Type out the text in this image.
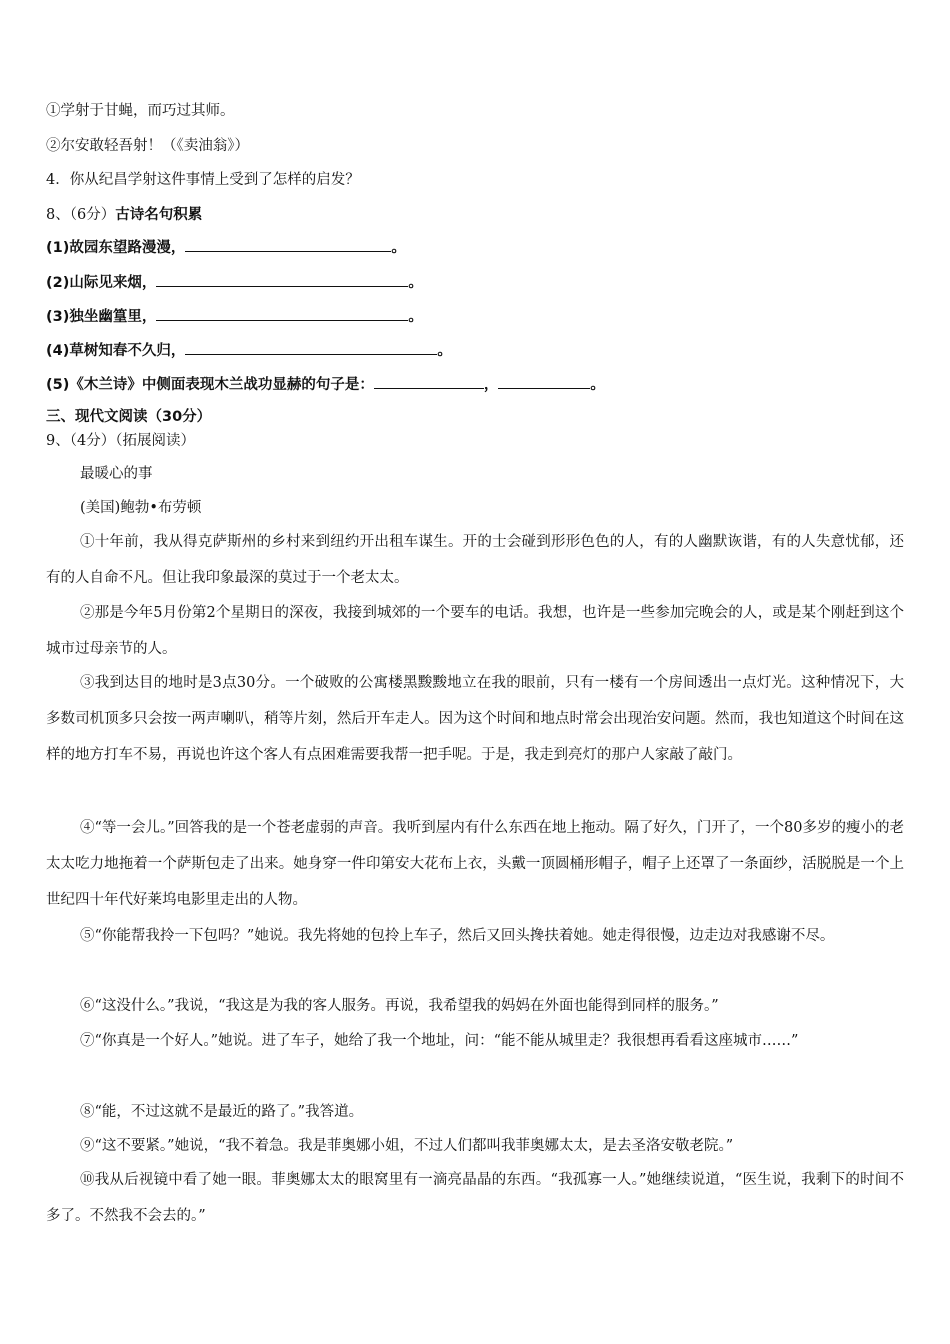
①学射于甘蝇，而巧过其师。
②尔安敢轻吾射！（《卖油翁》）
4．你从纪昌学射这件事情上受到了怎样的启发？
8、（6分）古诗名句积累
(1)故园东望路漫漫，	。
(2)山际见来烟，	。
(3)独坐幽篁里，	。
(4)草树知春不久归，	。
(5)《木兰诗》中侧面表现木兰战功显赫的句子是：	，	。
三、现代文阅读（30分）
9、（4分）（拓展阅读）
最暖心的事
(美国)鲍勃•布劳顿
①十年前，我从得克萨斯州的乡村来到纽约开出租车谋生。开的士会碰到形形色色的人，有的人幽默诙谐，有的人失意忧郁，还有的人自命不凡。但让我印象最深的莫过于一个老太太。
②那是今年5月份第2个星期日的深夜，我接到城郊的一个要车的电话。我想，也许是一些参加完晚会的人，或是某个刚赶到这个城市过母亲节的人。
③我到达目的地时是3点30分。一个破败的公寓楼黑黢黢地立在我的眼前，只有一楼有一个房间透出一点灯光。这种情况下，大多数司机顶多只会按一两声喇叭，稍等片刻，然后开车走人。因为这个时间和地点时常会出现治安问题。然而，我也知道这个时间在这样的地方打车不易，再说也许这个客人有点困难需要我帮一把手呢。于是，我走到亮灯的那户人家敲了敲门。
④“等一会儿。”回答我的是一个苍老虚弱的声音。我听到屋内有什么东西在地上拖动。隔了好久，门开了，一个80多岁的瘦小的老太太吃力地拖着一个萨斯包走了出来。她身穿一件印第安大花布上衣，头戴一顶圆桶形帽子，帽子上还罩了一条面纱，活脱脱是一个上世纪四十年代好莱坞电影里走出的人物。
⑤“你能帮我拎一下包吗？”她说。我先将她的包拎上车子，然后又回头搀扶着她。她走得很慢，边走边对我感谢不尽。
⑥“这没什么。”我说，“我这是为我的客人服务。再说，我希望我的妈妈在外面也能得到同样的服务。”
⑦“你真是一个好人。”她说。进了车子，她给了我一个地址，问：“能不能从城里走？我很想再看看这座城市……”
⑧“能，不过这就不是最近的路了。”我答道。
⑨“这不要紧。”她说，“我不着急。我是菲奥娜小姐，不过人们都叫我菲奥娜太太，是去圣洛安敬老院。”
⑩我从后视镜中看了她一眼。菲奥娜太太的眼窝里有一滴亮晶晶的东西。“我孤寡一人。”她继续说道，“医生说，我剩下的时间不多了。不然我不会去的。”
